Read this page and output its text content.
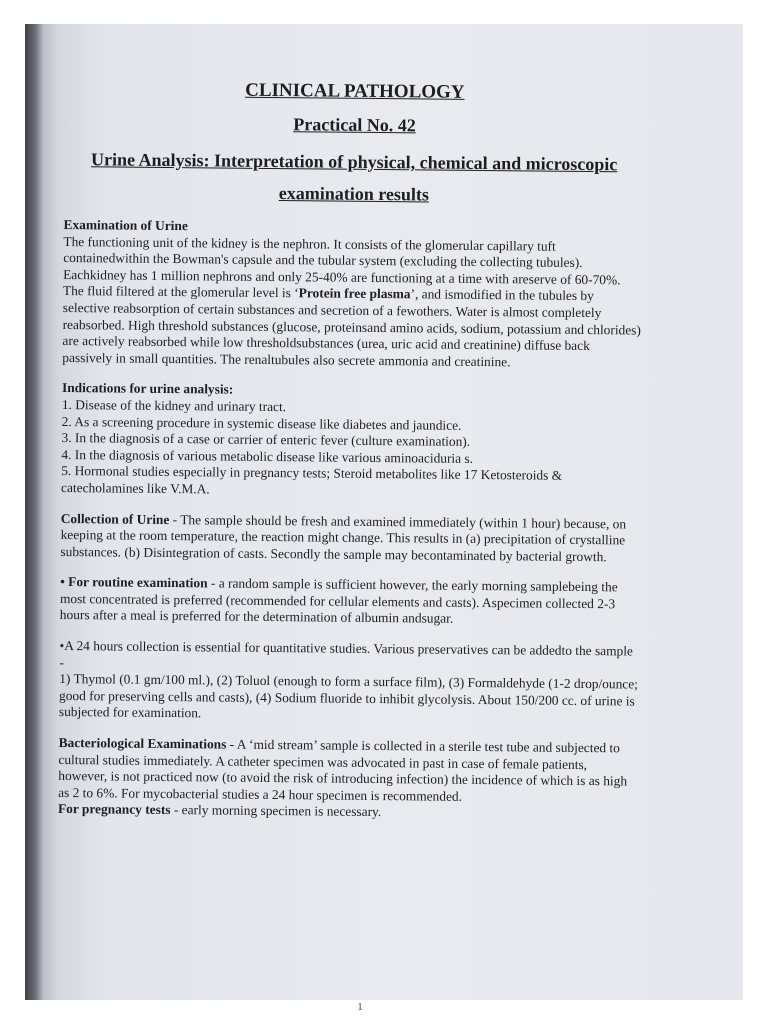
CLINICAL PATHOLOGY
Practical No. 42
Urine Analysis: Interpretation of physical, chemical and microscopic examination results
Examination of Urine

The functioning unit of the kidney is the nephron. It consists of the glomerular capillary tuft containedwithin the Bowman's capsule and the tubular system (excluding the collecting tubules). Eachkidney has 1 million nephrons and only 25-40% are functioning at a time with areserve of 60-70%. The fluid filtered at the glomerular level is ‘Protein free plasma’, and ismodified in the tubules by selective reabsorption of certain substances and secretion of a fewothers. Water is almost completely reabsorbed. High threshold substances (glucose, proteinsand amino acids, sodium, potassium and chlorides) are actively reabsorbed while low thresholdsubstances (urea, uric acid and creatinine) diffuse back passively in small quantities. The renaltubules also secrete ammonia and creatinine.

Indications for urine analysis:

1. Disease of the kidney and urinary tract.

2. As a screening procedure in systemic disease like diabetes and jaundice.

3. In the diagnosis of a case or carrier of enteric fever (culture examination).

4. In the diagnosis of various metabolic disease like various aminoaciduria s.

5. Hormonal studies especially in pregnancy tests; Steroid metabolites like 17 Ketosteroids & catecholamines like V.M.A.

Collection of Urine - The sample should be fresh and examined immediately (within 1 hour) because, on keeping at the room temperature, the reaction might change. This results in (a) precipitation of crystalline substances. (b) Disintegration of casts. Secondly the sample may becontaminated by bacterial growth.

• For routine examination - a random sample is sufficient however, the early morning samplebeing the most concentrated is preferred (recommended for cellular elements and casts). Aspecimen collected 2-3 hours after a meal is preferred for the determination of albumin andsugar.

•A 24 hours collection is essential for quantitative studies. Various preservatives can be addedto the sample -

1) Thymol (0.1 gm/100 ml.), (2) Toluol (enough to form a surface film), (3) Formaldehyde (1-2 drop/ounce; good for preserving cells and casts), (4) Sodium fluoride to inhibit glycolysis. About 150/200 cc. of urine is subjected for examination.

Bacteriological Examinations - A ‘mid stream’ sample is collected in a sterile test tube and subjected to cultural studies immediately. A catheter specimen was advocated in past in case of female patients, however, is not practiced now (to avoid the risk of introducing infection) the incidence of which is as high as 2 to 6%. For mycobacterial studies a 24 hour specimen is recommended.

For pregnancy tests - early morning specimen is necessary.

1
